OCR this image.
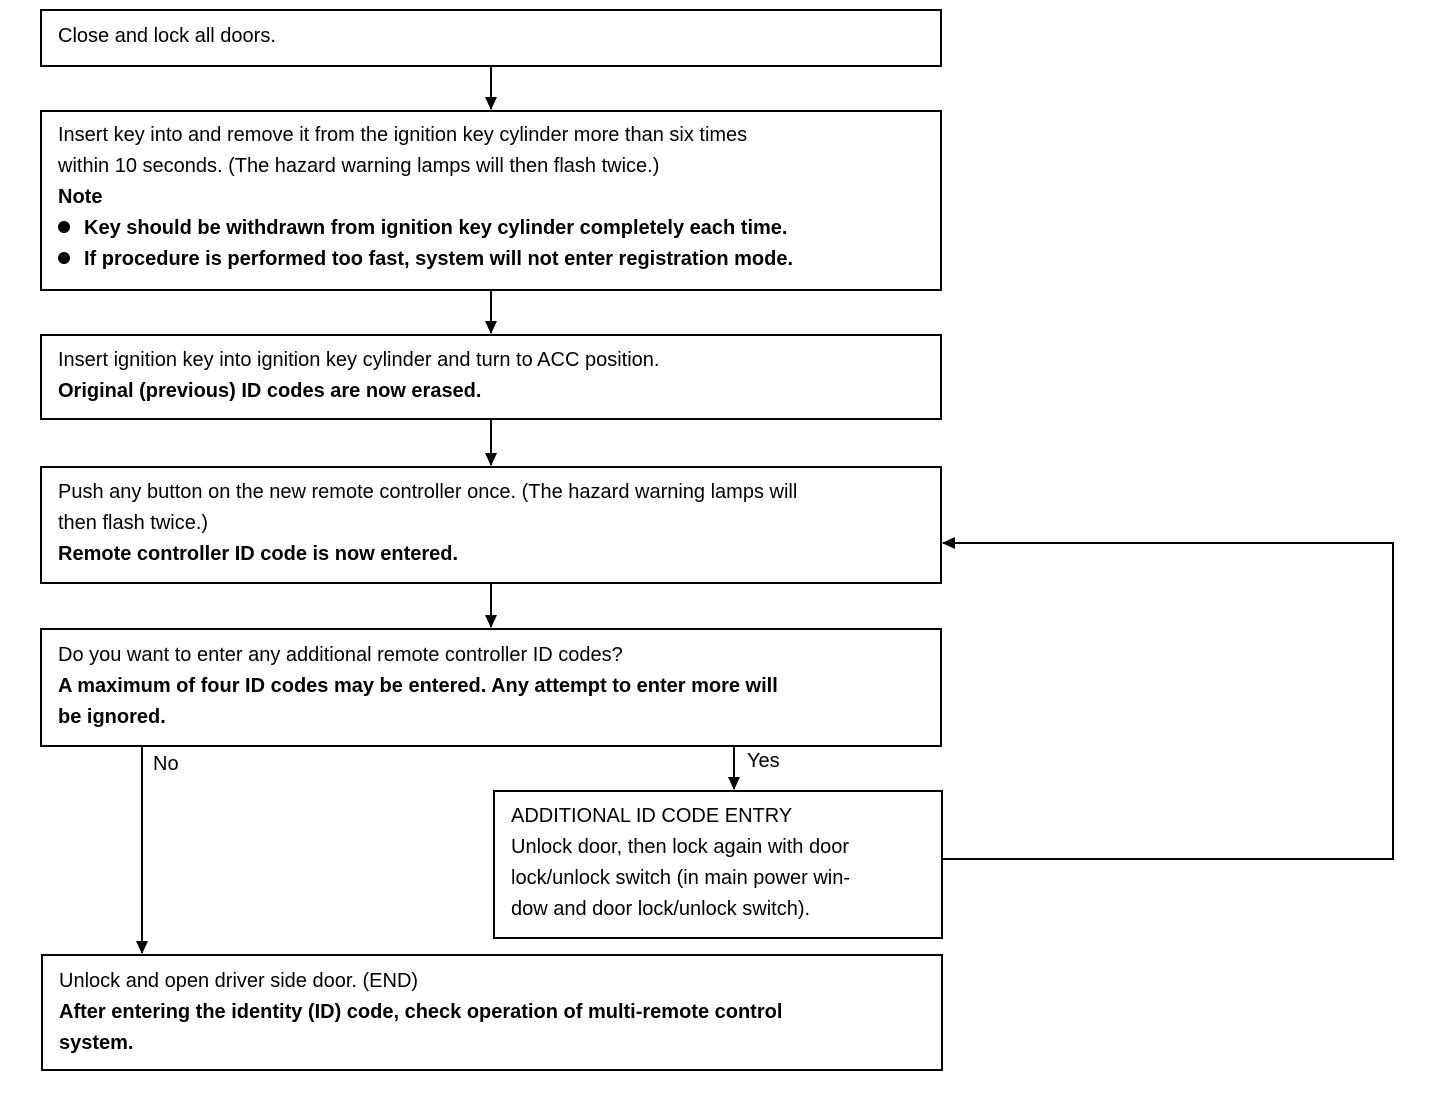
Close and lock all doors.
Insert key into and remove it from the ignition key cylinder more than six times
within 10 seconds. (The hazard warning lamps will then flash twice.)
Note
Key should be withdrawn from ignition key cylinder completely each time.
If procedure is performed too fast, system will not enter registration mode.
Insert ignition key into ignition key cylinder and turn to ACC position.
Original (previous) ID codes are now erased.
Push any button on the new remote controller once. (The hazard warning lamps will
then flash twice.)
Remote controller ID code is now entered.
Do you want to enter any additional remote controller ID codes?
A maximum of four ID codes may be entered. Any attempt to enter more will
be ignored.
No	Yes
ADDITIONAL ID CODE ENTRY
Unlock door, then lock again with door
lock/unlock switch (in main power win-
dow and door lock/unlock switch).
Unlock and open driver side door. (END)
After entering the identity (ID) code, check operation of multi-remote control
system.
